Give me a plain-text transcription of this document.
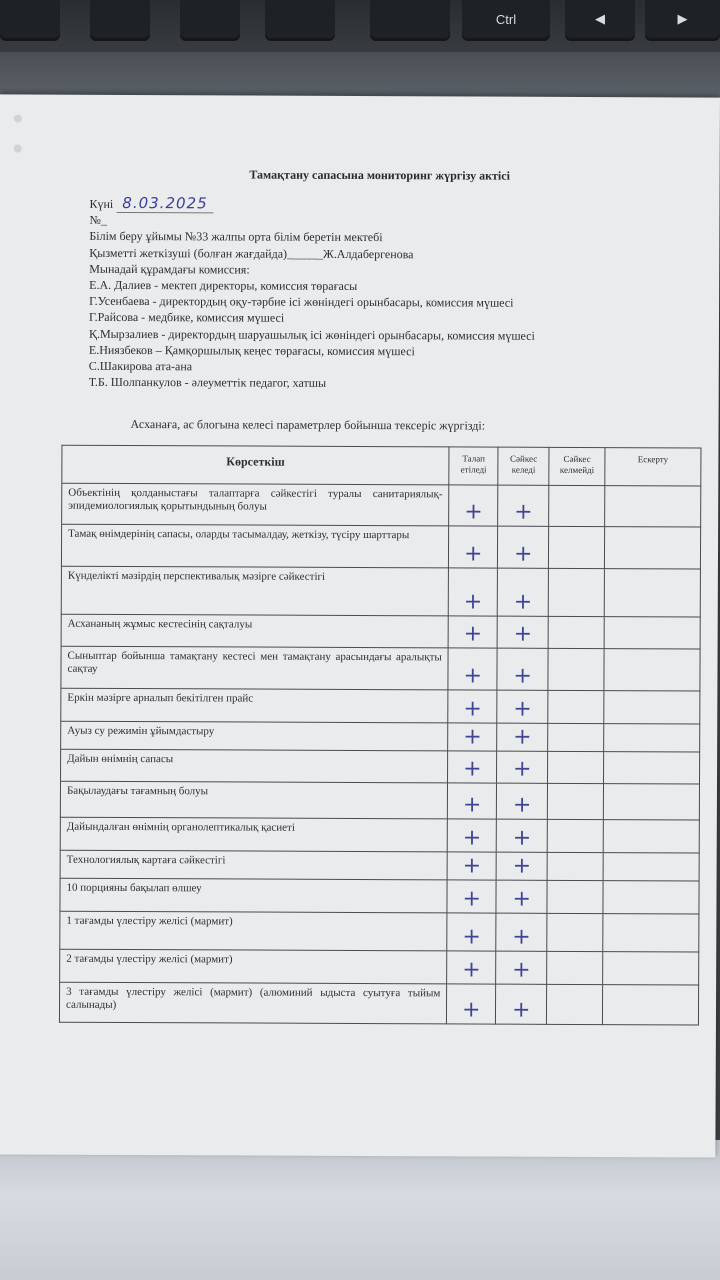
Ctrl	◀	▶
Тамақтану сапасына мониторинг жүргізу актісі
Күні 8.03.2025
№_
Білім беру ұйымы №33 жалпы орта білім беретін мектебі
Қызметті жеткізуші (болған жағдайда)______Ж.Алдабергенова
Мынадай құрамдағы комиссия:
Е.А. Далиев - мектеп директоры, комиссия төрағасы
Г.Усенбаева - директордың оқу-тәрбие ісі жөніндегі орынбасары, комиссия мүшесі
Г.Райсова - медбике, комиссия мүшесі
Қ.Мырзалиев - директордың шаруашылық ісі жөніндегі орынбасары, комиссия мүшесі
Е.Ниязбеков – Қамқоршылық кеңес төрағасы, комиссия мүшесі
С.Шакирова ата-ана
Т.Б. Шолпанкулов - әлеуметтік педагог, хатшы
Асханаға, ас блогына келесі параметрлер бойынша тексеріс жүргізді:
Көрсеткіш	Талап етіледі	Сәйкес келеді	Сәйкес келмейді	Ескерту
Объектінің қолданыстағы талаптарға сәйкестігі туралы санитариялық-эпидемиологиялық қорытындының болуы	+	+		
Тамақ өнімдерінің сапасы, оларды тасымалдау, жеткізу, түсіру шарттары	+	+		
Күнделікті мәзірдің перспективалық мәзірге сәйкестігі	+	+		
Асхананың жұмыс кестесінің сақталуы	+	+		
Сыныптар бойынша тамақтану кестесі мен тамақтану арасындағы аралықты сақтау	+	+		
Еркін мәзірге арналып бекітілген прайс	+	+		
Ауыз су режимін ұйымдастыру	+	+		
Дайын өнімнің сапасы	+	+		
Бақылаудағы тағамның болуы	+	+		
Дайындалған өнімнің органолептикалық қасиеті	+	+		
Технологиялық картаға сәйкестігі	+	+		
10 порцияны бақылап өлшеу	+	+		
1 тағамды үлестіру желісі (мармит)	+	+		
2 тағамды үлестіру желісі (мармит)	+	+		
3 тағамды үлестіру желісі (мармит) (алюминий ыдыста суытуға тыйым салынады)	+	+		
